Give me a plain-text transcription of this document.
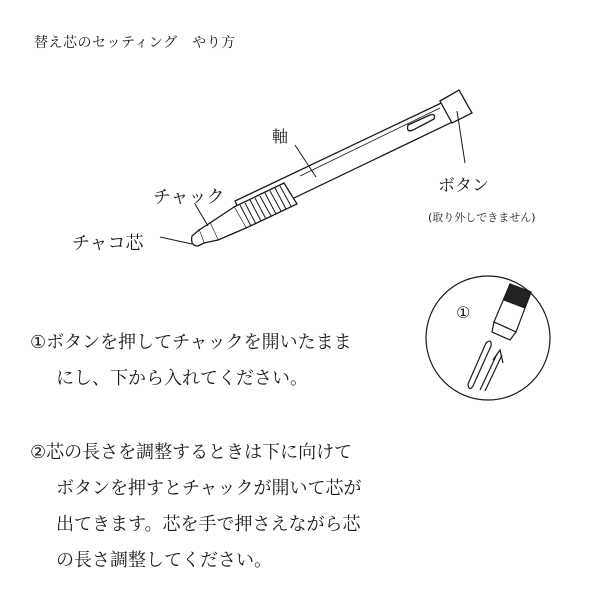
替え芯のセッティング　やり方
①
軸
チャック
チャコ芯
ボタン
(取り外しできません)
①ボタンを押してチャックを開いたまま
にし、下から入れてください。
②芯の長さを調整するときは下に向けて
ボタンを押すとチャックが開いて芯が
出てきます。芯を手で押さえながら芯
の長さ調整してください。
